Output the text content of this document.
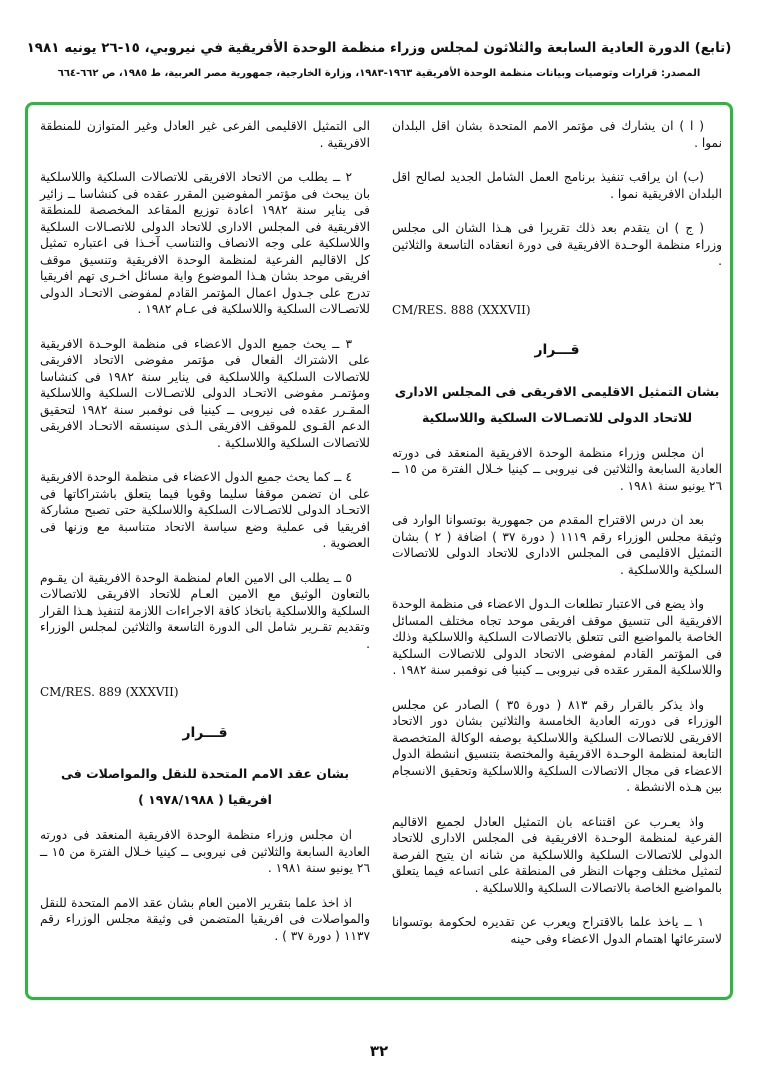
(تابع) الدورة العادية السابعة والثلاثون لمجلس وزراء منظمة الوحدة الأفريقية في نيروبي، ١٥-٢٦ يونيه ١٩٨١
المصدر: قرارات وتوصيات وبيانات منظمة الوحدة الأفريقية ١٩٦٣-١٩٨٣، وزارة الخارجية، جمهورية مصر العربية، ط ١٩٨٥، ص ٦٦٢-٦٦٤

( ا ) ان يشارك فى مؤتمر الامم المتحدة بشان اقل البلدان نموا .

(ب) ان يراقب تنفيذ برنامج العمل الشامل الجديد لصالح اقل البلدان الافريقية نموا .

( ج ) ان يتقدم بعد ذلك تقريرا فى هـذا الشان الى مجلس وزراء منظمة الوحـدة الافريقية فى دورة انعقاده التاسعة والثلاثين .

CM/RES. 888 (XXXVII)
قـــرار
بشان التمثيل الاقليمى الافريقى فى المجلس الادارى
للاتحاد الدولى للاتصـالات السلكية واللاسلكية

ان مجلس وزراء منظمة الوحدة الافريقية المنعقد فى دورته العادية السابعة والثلاثين فى نيروبى ــ كينيا خـلال الفترة من ١٥ ــ ٢٦ يونيو سنة ١٩٨١ .

بعد ان درس الاقتراح المقدم من جمهورية بوتسوانا الوارد فى وثيقة مجلس الوزراء رقم ١١١٩ ( دورة ٣٧ ) اضافة ( ٢ ) بشان التمثيل الاقليمى فى المجلس الادارى للاتحاد الدولى للاتصالات السلكية واللاسلكية .

واذ يضع فى الاعتبار تطلعات الـدول الاعضاء فى منظمة الوحدة الافريقية الى تنسيق موقف افريقى موحد تجاه مختلف المسائل الخاصة بالمواضيع التى تتعلق بالاتصالات السلكية واللاسلكية وذلك فى المؤتمر القادم لمفوضى الاتحاد الدولى للاتصالات السلكية واللاسلكية المقرر عقده فى نيروبى ــ كينيا فى نوفمبر سنة ١٩٨٢ .

واذ يذكر بالقرار رقم ٨١٣ ( دورة ٣٥ ) الصادر عن مجلس الوزراء فى دورته العادية الخامسة والثلاثين بشان دور الاتحاد الافريقى للاتصالات السلكية واللاسلكية بوصفه الوكالة المتخصصة التابعة لمنظمة الوحـدة الافريقية والمختصة بتنسيق انشطة الدول الاعضاء فى مجال الاتصالات السلكية واللاسلكية وتحقيق الانسجام بين هـذه الانشطة .

واذ يعـرب عن اقتناعه بان التمثيل العادل لجميع الاقاليم الفرعية لمنظمة الوحـدة الافريقية فى المجلس الادارى للاتحاد الدولى للاتصالات السلكية واللاسلكية من شانه ان يتيح الفرصة لتمثيل مختلف وجهات النظر فى المنطقة على اتساعه فيما يتعلق بالمواضيع الخاصة بالاتصالات السلكية واللاسلكية .

١ ــ ياخذ علما بالاقتراح ويعرب عن تقديره لحكومة بوتسوانا لاسترعائها اهتمام الدول الاعضاء وفى حينه

الى التمثيل الاقليمى الفرعى غير العادل وغير المتوازن للمنطقة الافريقية .

٢ ــ يطلب من الاتحاد الافريقى للاتصالات السلكية واللاسلكية بان يبحث فى مؤتمر المفوضين المقرر عقده فى كنشاسا ــ زائير فى يناير سنة ١٩٨٢ اعادة توزيع المقاعد المخصصة للمنطقة الافريقية فى المجلس الادارى للاتحاد الدولى للاتصـالات السلكية واللاسلكية على وجه الانصاف والتناسب آخـذا فى اعتباره تمثيل كل الاقاليم الفرعية لمنظمة الوحدة الافريقية وتنسيق موقف افريقى موحد بشان هـذا الموضوع واية مسائل اخـرى تهم افريقيا تدرج على جـدول اعمال المؤتمر القادم لمفوضى الاتحـاد الدولى للاتصـالات السلكية واللاسلكية فى عـام ١٩٨٢ .

٣ ــ يحث جميع الدول الاعضاء فى منظمة الوحـدة الافريقية على الاشتراك الفعال فى مؤتمر مفوضى الاتحاد الافريقى للاتصالات السلكية واللاسلكية فى يناير سنة ١٩٨٢ فى كنشاسا ومؤتمـر مفوضى الاتحـاد الدولى للاتصـالات السلكية واللاسلكية المقـرر عقده فى نيروبى ــ كينيا فى نوفمبر سنة ١٩٨٢ لتحقيق الدعم القـوى للموقف الافريقى الـذى سينسقه الاتحـاد الافريقى للاتصالات السلكية واللاسلكية .

٤ ــ كما يحث جميع الدول الاعضاء فى منظمة الوحدة الافريقية على ان تضمن موقفا سليما وقويا فيما يتعلق باشتراكاتها فى الاتحـاد الدولى للاتصـالات السلكية واللاسلكية حتى تصبح مشاركة افريقيا فى عملية وضع سياسة الاتحاد متناسبة مع وزنها فى العضوية .

٥ ــ يطلب الى الامين العام لمنظمة الوحدة الافريقية ان يقـوم بالتعاون الوثيق مع الامين العـام للاتحاد الافريقى للاتصالات السلكية واللاسلكية باتخاذ كافة الاجراءات اللازمة لتنفيذ هـذا القرار وتقديم تقـرير شامل الى الدورة التاسعة والثلاثين لمجلس الوزراء .

CM/RES. 889 (XXXVII)
قـــرار
بشان عقد الامم المتحدة للنقل والمواصلات فى
افريقيا ( ١٩٧٨/١٩٨٨ )

ان مجلس وزراء منظمة الوحدة الافريقية المنعقد فى دورته العادية السابعة والثلاثين فى نيروبى ــ كينيا خـلال الفترة من ١٥ ــ ٢٦ يونيو سنة ١٩٨١ .

اذ اخذ علما بتقرير الامين العام بشان عقد الامم المتحدة للنقل والمواصلات فى افريقيا المتضمن فى وثيقة مجلس الوزراء رقم ١١٣٧ ( دورة ٣٧ ) .

٣٢
